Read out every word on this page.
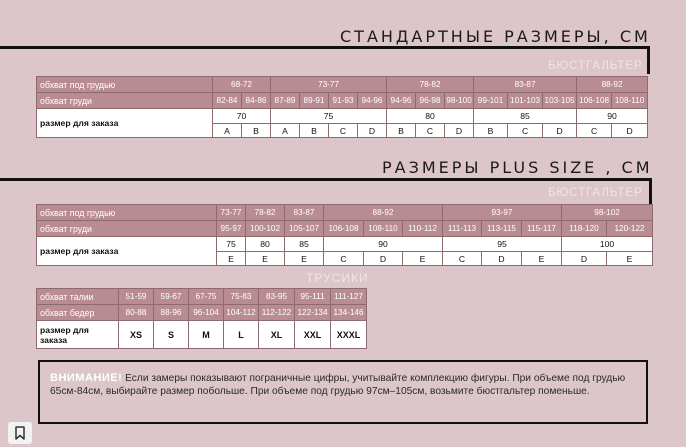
СТАНДАРТНЫЕ РАЗМЕРЫ, СМ
БЮСТГАЛЬТЕР
обхват под грудью	68-72		73-77				78-82			83-87			88-92	
обхват груди	82-84	84-86	87-89	89-91	91-93	94-96	94-96	96-98	98-100	99-101	101-103	103-105	106-108	108-110
размер для заказа	70		75				80			85			90	
	A	B	A	B	C	D	B	C	D	B	C	D	C	D
РАЗМЕРЫ PLUS SIZE , СМ
БЮСТГАЛЬТЕР
обхват под грудью	73-77	78-82	83-87	88-92			93-97			98-102	
обхват груди	95-97	100-102	105-107	106-108	108-110	110-112	111-113	113-115	115-117	118-120	120-122
размер для заказа	75	80	85	90			95			100	
	E	E	E	C	D	E	C	D	E	D	E
ТРУСИКИ
обхват талии	51-59	59-67	67-75	75-83	83-95	95-111	111-127
обхват бедер	80-88	88-96	96-104	104-112	112-122	122-134	134-146
размер для заказа	XS	S	M	L	XL	XXL	XXXL
ВНИМАНИЕ! Если замеры показывают пограничные цифры, учитывайте комплекцию фигуры. При объеме под грудью 65см-84см, выбирайте размер побольше. При объеме под грудью 97см–105см, возьмите бюстгальтер поменьше.
